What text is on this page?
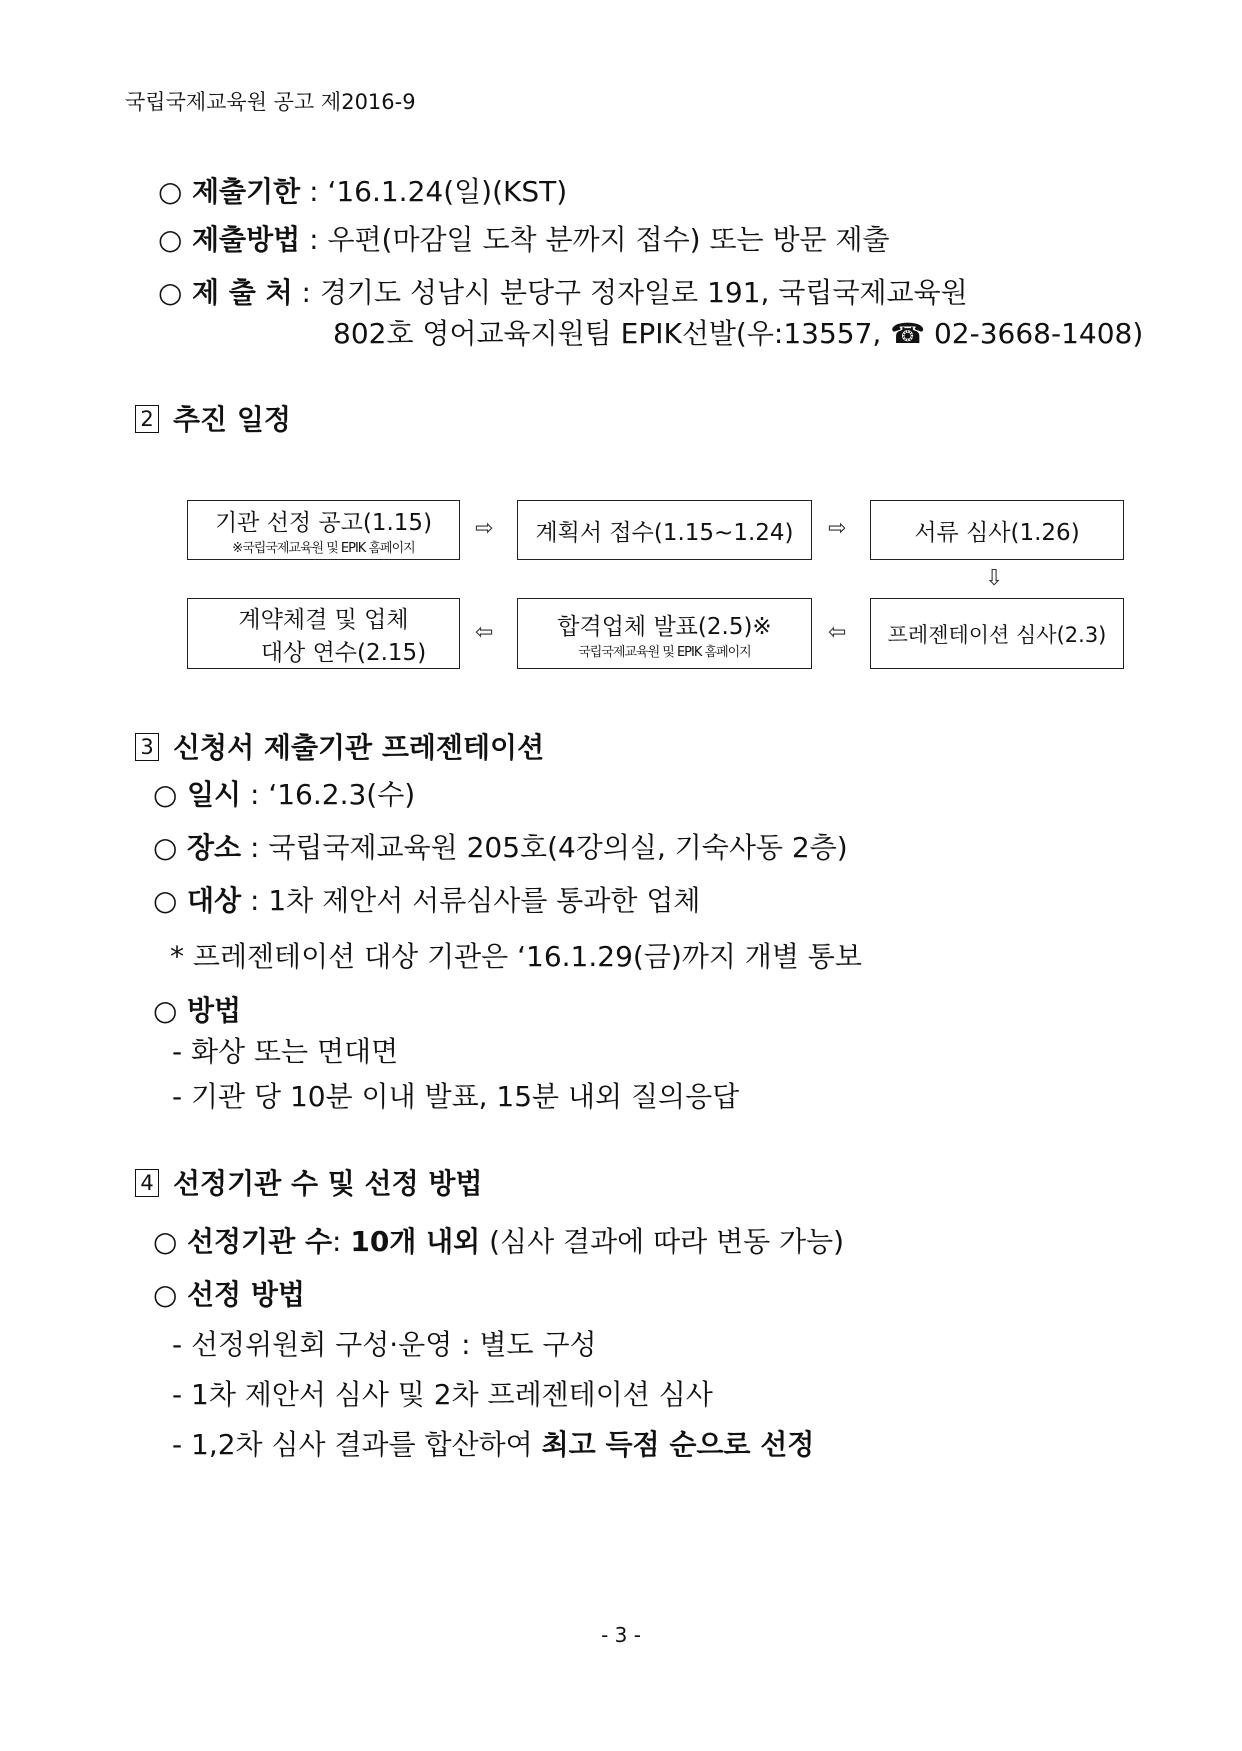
국립국제교육원 공고 제2016-9
○ 제출기한 : ‘16.1.24(일)(KST)
○ 제출방법 : 우편(마감일 도착 분까지 접수) 또는 방문 제출
○ 제 출 처 : 경기도 성남시 분당구 정자일로 191, 국립국제교육원
802호 영어교육지원팀 EPIK선발(우:13557, ☎ 02-3668-1408)
2 추진 일정
기관 선정 공고(1.15)
※국립국제교육원 및 EPIK 홈페이지
⇨ 계획서 접수(1.15~1.24) ⇨	서류 심사(1.26)
⇩
계약체결 및 업체
대상 연수(2.15)
⇦	합격업체 발표(2.5)※
국립국제교육원 및 EPIK 홈페이지
⇦ 프레젠테이션 심사(2.3)
3 신청서 제출기관 프레젠테이션
○ 일시 : ‘16.2.3(수)
○ 장소 : 국립국제교육원 205호(4강의실, 기숙사동 2층)
○ 대상 : 1차 제안서 서류심사를 통과한 업체
* 프레젠테이션 대상 기관은 ‘16.1.29(금)까지 개별 통보
○ 방법
- 화상 또는 면대면
- 기관 당 10분 이내 발표, 15분 내외 질의응답
4 선정기관 수 및 선정 방법
○ 선정기관 수: 10개 내외 (심사 결과에 따라 변동 가능)
○ 선정 방법
- 선정위원회 구성·운영 : 별도 구성
- 1차 제안서 심사 및 2차 프레젠테이션 심사
- 1,2차 심사 결과를 합산하여 최고 득점 순으로 선정
- 3 -
